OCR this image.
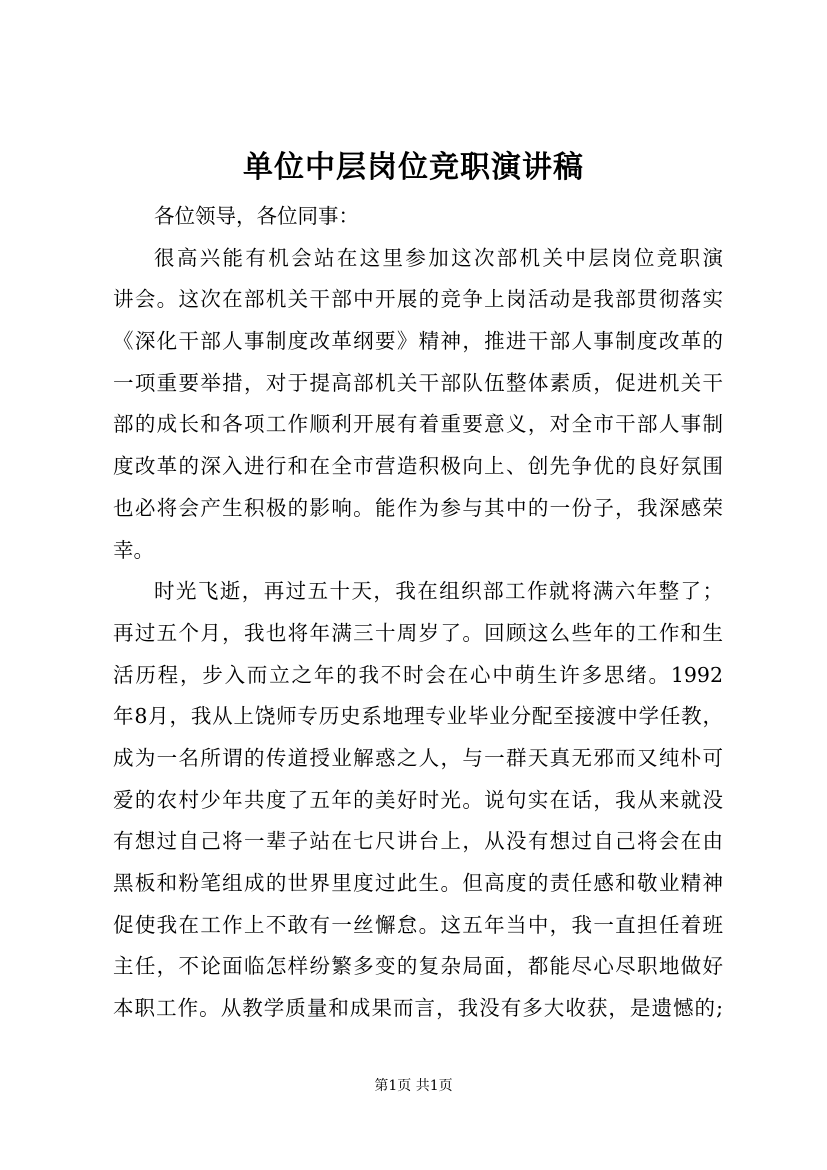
单位中层岗位竞职演讲稿
各位领导，各位同事：
很高兴能有机会站在这里参加这次部机关中层岗位竞职演
讲会。这次在部机关干部中开展的竞争上岗活动是我部贯彻落实
《深化干部人事制度改革纲要》精神，推进干部人事制度改革的
一项重要举措，对于提高部机关干部队伍整体素质，促进机关干
部的成长和各项工作顺利开展有着重要意义，对全市干部人事制
度改革的深入进行和在全市营造积极向上、创先争优的良好氛围
也必将会产生积极的影响。能作为参与其中的一份子，我深感荣
幸。
时光飞逝，再过五十天，我在组织部工作就将满六年整了；
再过五个月，我也将年满三十周岁了。回顾这么些年的工作和生
活历程，步入而立之年的我不时会在心中萌生许多思绪。1992
年8月，我从上饶师专历史系地理专业毕业分配至接渡中学任教，
成为一名所谓的传道授业解惑之人，与一群天真无邪而又纯朴可
爱的农村少年共度了五年的美好时光。说句实在话，我从来就没
有想过自己将一辈子站在七尺讲台上，从没有想过自己将会在由
黑板和粉笔组成的世界里度过此生。但高度的责任感和敬业精神
促使我在工作上不敢有一丝懈怠。这五年当中，我一直担任着班
主任，不论面临怎样纷繁多变的复杂局面，都能尽心尽职地做好
本职工作。从教学质量和成果而言，我没有多大收获，是遗憾的;
第1页 共1页
